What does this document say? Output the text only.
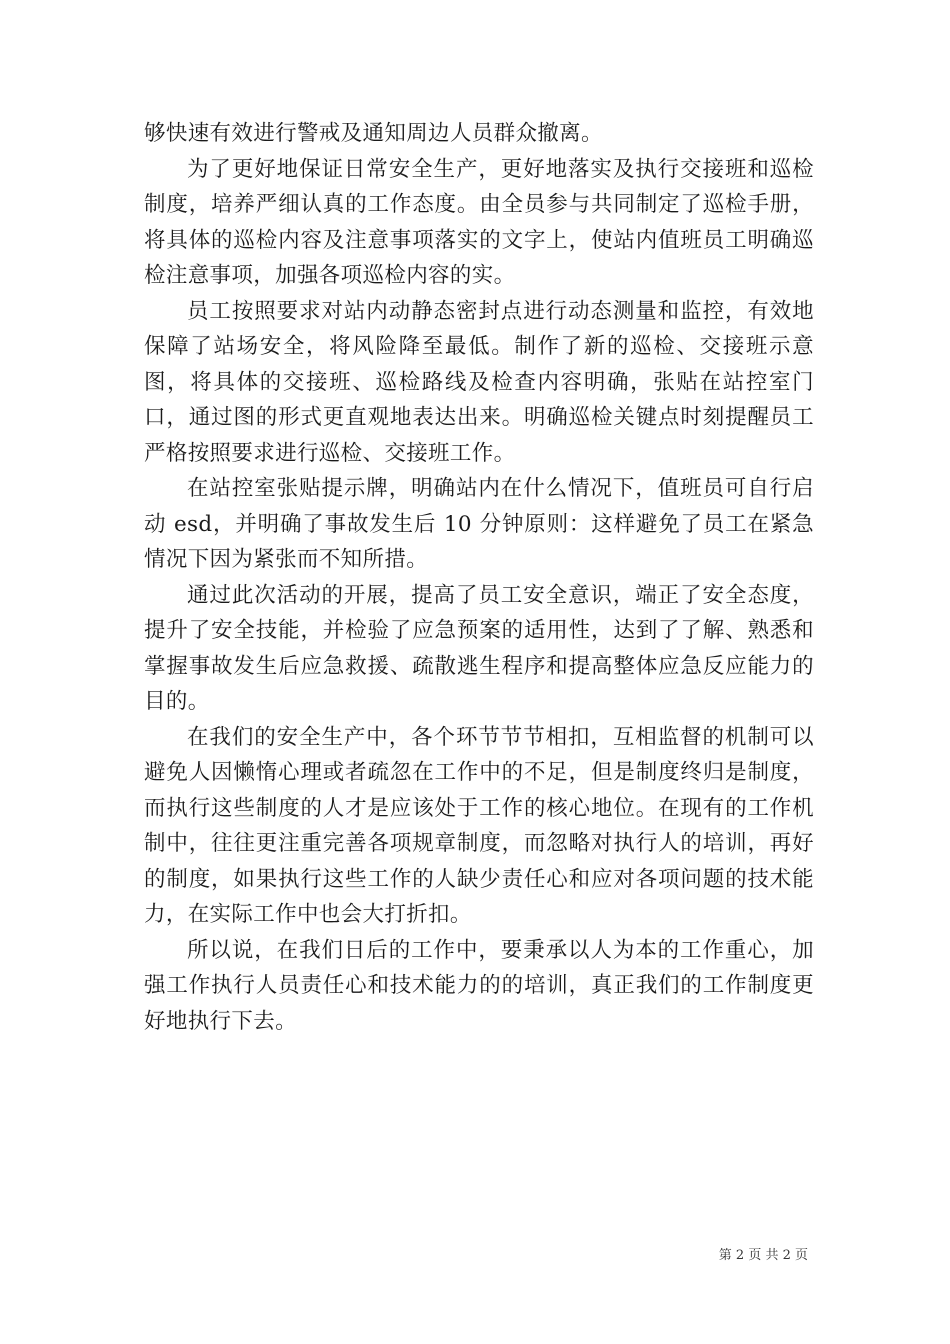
够快速有效进行警戒及通知周边人员群众撤离。

为了更好地保证日常安全生产，更好地落实及执行交接班和巡检制度，培养严细认真的工作态度。由全员参与共同制定了巡检手册，将具体的巡检内容及注意事项落实的文字上，使站内值班员工明确巡检注意事项，加强各项巡检内容的实。

员工按照要求对站内动静态密封点进行动态测量和监控，有效地保障了站场安全，将风险降至最低。制作了新的巡检、交接班示意图，将具体的交接班、巡检路线及检查内容明确，张贴在站控室门口，通过图的形式更直观地表达出来。明确巡检关键点时刻提醒员工严格按照要求进行巡检、交接班工作。

在站控室张贴提示牌，明确站内在什么情况下，值班员可自行启动 esd，并明确了事故发生后 10 分钟原则：这样避免了员工在紧急情况下因为紧张而不知所措。

通过此次活动的开展，提高了员工安全意识，端正了安全态度，提升了安全技能，并检验了应急预案的适用性，达到了了解、熟悉和掌握事故发生后应急救援、疏散逃生程序和提高整体应急反应能力的目的。

在我们的安全生产中，各个环节节节相扣，互相监督的机制可以避免人因懒惰心理或者疏忽在工作中的不足，但是制度终归是制度，而执行这些制度的人才是应该处于工作的核心地位。在现有的工作机制中，往往更注重完善各项规章制度，而忽略对执行人的培训，再好的制度，如果执行这些工作的人缺少责任心和应对各项问题的技术能力，在实际工作中也会大打折扣。

所以说，在我们日后的工作中，要秉承以人为本的工作重心，加强工作执行人员责任心和技术能力的的培训，真正我们的工作制度更好地执行下去。

第 2 页 共 2 页
